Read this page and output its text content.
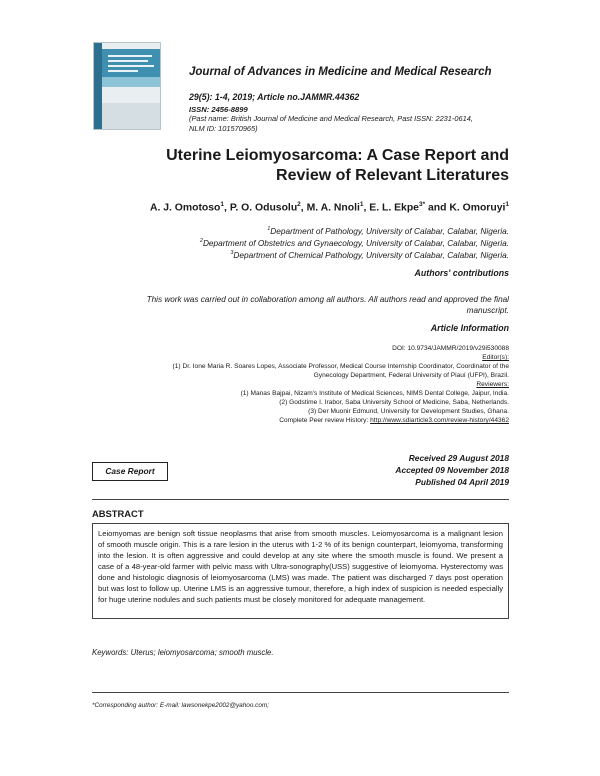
Journal of Advances in Medicine and Medical Research
29(5): 1-4, 2019; Article no.JAMMR.44362
ISSN: 2456-8899
(Past name: British Journal of Medicine and Medical Research, Past ISSN: 2231-0614,
NLM ID: 101570965)
Uterine Leiomyosarcoma: A Case Report and
Review of Relevant Literatures
A. J. Omotoso$^1$, P. O. Odusolu$^2$, M. A. Nnoli$^1$, E. L. Ekpe$^{3*}$ and K. Omoruyi$^1$
$^1$Department of Pathology, University of Calabar, Calabar, Nigeria.
$^2$Department of Obstetrics and Gynaecology, University of Calabar, Calabar, Nigeria.
$^3$Department of Chemical Pathology, University of Calabar, Calabar, Nigeria.
Authors' contributions
This work was carried out in collaboration among all authors. All authors read and approved the final
manuscript.
Article Information
DOI: 10.9734/JAMMR/2019/v29i530088
Editor(s):
(1) Dr. Ione Maria R. Soares Lopes, Associate Professor, Medical Course Internship Coordinator, Coordinator of the
Gynecology Department, Federal University of Piauí (UFPI), Brazil.
Reviewers:
(1) Manas Bajpai, Nizam's Institute of Medical Sciences, NIMS Dental College, Jaipur, India.
(2) Godstime I. Irabor, Saba University School of Medicine, Saba, Netherlands.
(3) Der Muonir Edmund, University for Development Studies, Ghana.
Complete Peer review History: http://www.sdiarticle3.com/review-history/44362
Case Report
Received 29 August 2018
Accepted 09 November 2018
Published 04 April 2019
ABSTRACT
Leiomyomas are benign soft tissue neoplasms that arise from smooth muscles. Leiomyosarcoma is a malignant lesion of smooth muscle origin. This is a rare lesion in the uterus with 1-2 % of its benign counterpart, leiomyoma, transforming into the lesion. It is often aggressive and could develop at any site where the smooth muscle is found. We present a case of a 48-year-old farmer with pelvic mass with Ultra-sonography(USS) suggestive of leiomyoma. Hysterectomy was done and histologic diagnosis of leiomyosarcoma (LMS) was made. The patient was discharged 7 days post operation but was lost to follow up. Uterine LMS is an aggressive tumour, therefore, a high index of suspicion is needed especially for huge uterine nodules and such patients must be closely monitored for adequate management.
Keywords: Uterus; leiomyosarcoma; smooth muscle.
*Corresponding author: E-mail: lawsonekpe2002@yahoo.com;
